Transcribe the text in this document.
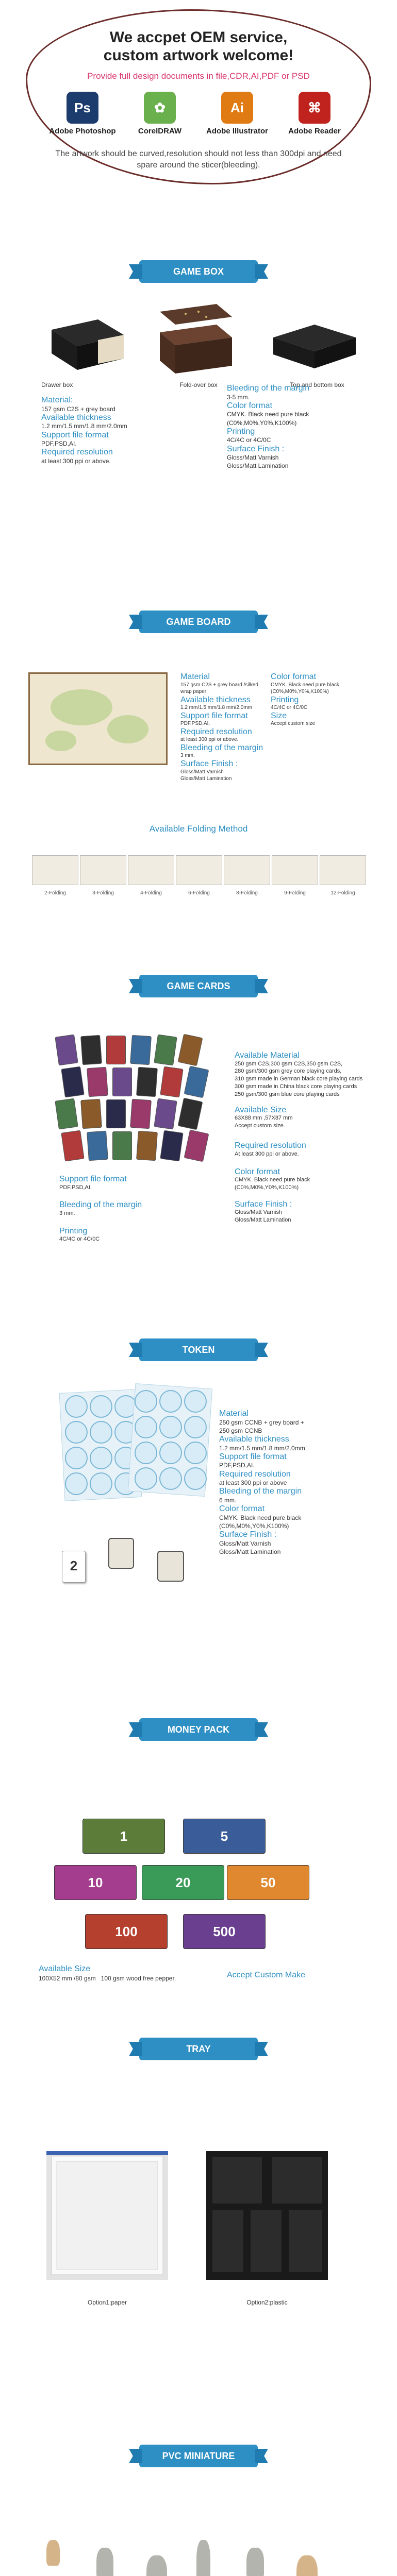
We accpet OEM service,
custom artwork welcome!
Provide full design documents in file,CDR,AI,PDF or PSD
Ps
Adobe Photoshop
✿
CorelDRAW
Ai
Adobe Illustrator
⌘
Adobe Reader
The artwork should be curved,resolution should not less than 300dpi and need spare around the sticer(bleeding).
GAME BOX
Drawer box	Fold-over box	Top and bottom box
Material:
157 gsm C2S + grey board
Available thickness
1.2 mm/1.5 mm/1.8 mm/2.0mm
Support file format
PDF,PSD,AI.
Required resolution
at least 300 ppi or above.
Bleeding of the margin
3-5 mm.
Color format
CMYK. Black need pure black
(C0%,M0%,Y0%,K100%)
Printing
4C/4C or 4C/0C
Surface Finish :
Gloss/Matt Varnish
Gloss/Matt Lamination
GAME BOARD
Material
157 gsm C2S + grey board /silked wrap paper
Available thickness
1.2 mm/1.5 mm/1.8 mm/2.0mm
Support file format
PDF,PSD,AI.
Required resolution
at least 300 ppi or above.
Bleeding of the margin
3 mm.
Surface Finish :
Gloss/Matt Varnish
Gloss/Matt Lamination
Color format
CMYK. Black need pure black (C0%,M0%,Y0%,K100%)
Printing
4C/4C or 4C/0C
Size
Accept custom size
Available Folding Method
2-Folding	3-Folding	4-Folding	6-Folding	8-Folding	9-Folding	12-Folding
GAME CARDS
Available Material
250 gsm C2S,300 gsm C2S,350 gsm C2S,
280 gsm/300 gsm grey core playing cards,
310 gsm made in German black core playing cards
300 gsm made in China black core playing cards
250 gsm/300 gsm blue core playing cards
Available Size
63X88 mm ,57X87 mm
Accept custom size.
Required resolution
At least 300 ppi or above.
Color format
CMYK. Black need pure black
(C0%,M0%,Y0%,K100%)
Surface Finish :
Gloss/Matt Varnish
Gloss/Matt Lamination
Support file format
PDF,PSD,AI.
Bleeding of the margin
3 mm.
Printing
4C/4C or 4C/0C
TOKEN
2
Material
250 gsm CCNB + grey board + 250 gsm CCNB
Available thickness
1.2 mm/1.5 mm/1.8 mm/2.0mm
Support file format
PDF,PSD,AI.
Required resolution
at least 300 ppi or above
Bleeding of the margin
6 mm.
Color format
CMYK. Black need pure black
(C0%,M0%,Y0%,K100%)
Surface Finish :
Gloss/Matt Varnish
Gloss/Matt Lamination
MONEY PACK
1	5
10	20	50
100	500
Available Size
100X52 mm /80 gsm   100 gsm wood free pepper.	Accept Custom Make
TRAY
Option1:paper	Option2:plastic
PVC MINIATURE
